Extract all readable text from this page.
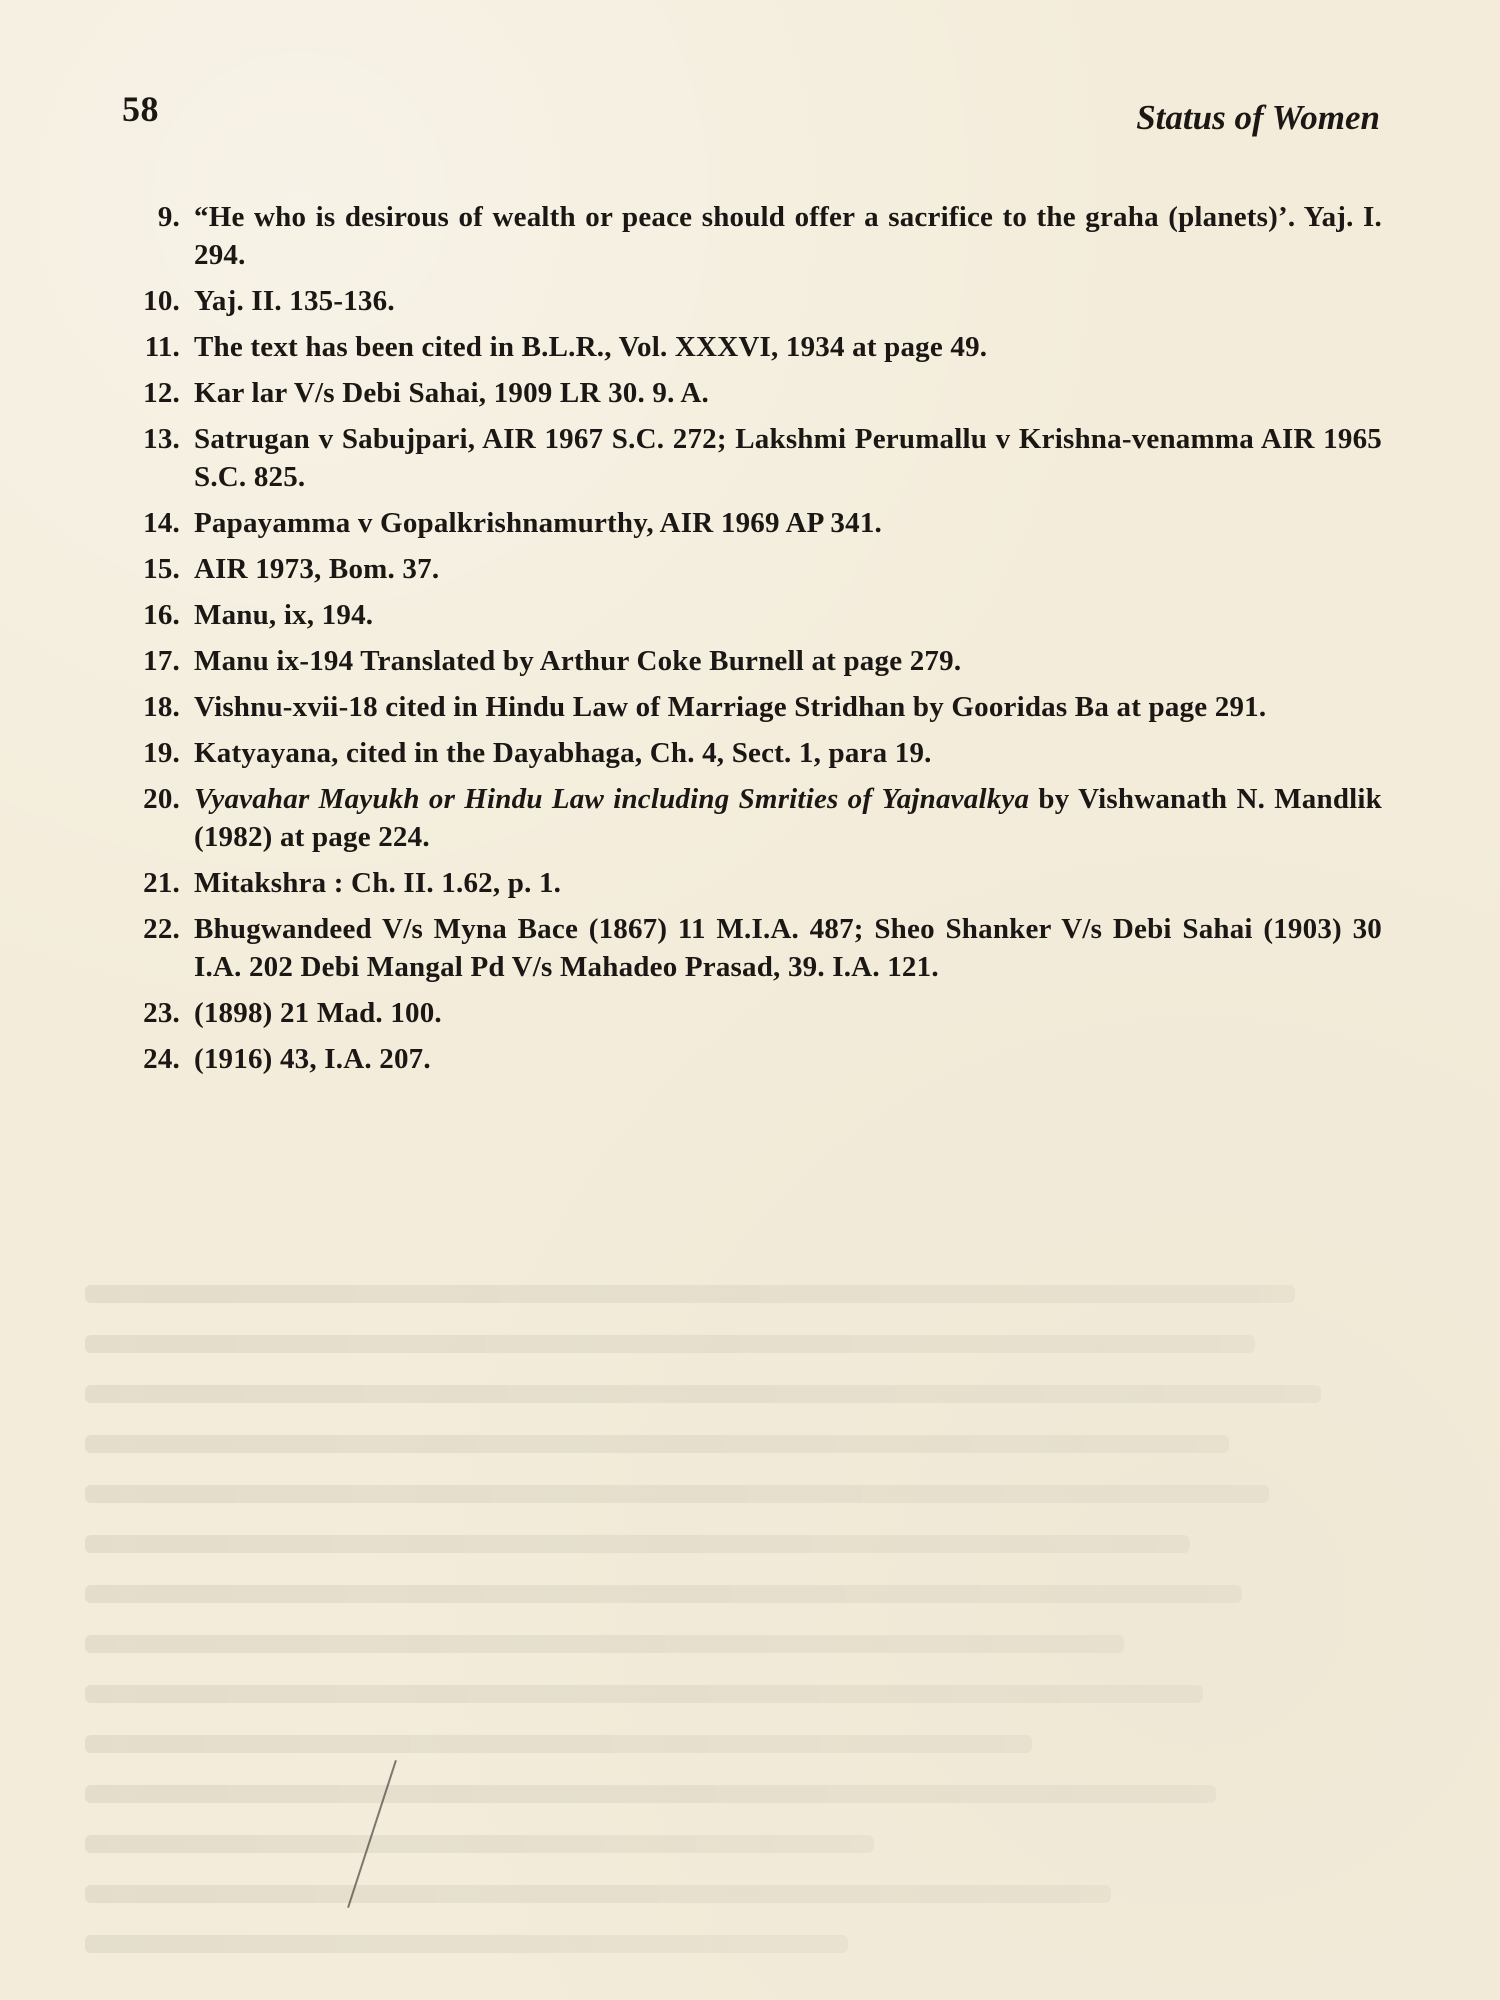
58	Status of Women
9. “He who is desirous of wealth or peace should offer a sacrifice to the graha (planets)’. Yaj. I. 294.
10. Yaj. II. 135-136.
11. The text has been cited in B.L.R., Vol. XXXVI, 1934 at page 49.
12. Kar lar V/s Debi Sahai, 1909 LR 30. 9. A.
13. Satrugan v Sabujpari, AIR 1967 S.C. 272; Lakshmi Perumallu v Krishna-venamma AIR 1965 S.C. 825.
14. Papayamma v Gopalkrishnamurthy, AIR 1969 AP 341.
15. AIR 1973, Bom. 37.
16. Manu, ix, 194.
17. Manu ix-194 Translated by Arthur Coke Burnell at page 279.
18. Vishnu-xvii-18 cited in Hindu Law of Marriage Stridhan by Gooridas Ba at page 291.
19. Katyayana, cited in the Dayabhaga, Ch. 4, Sect. 1, para 19.
20. Vyavahar Mayukh or Hindu Law including Smrities of Yajnavalkya by Vishwanath N. Mandlik (1982) at page 224.
21. Mitakshra : Ch. II. 1.62, p. 1.
22. Bhugwandeed V/s Myna Bace (1867) 11 M.I.A. 487; Sheo Shanker V/s Debi Sahai (1903) 30 I.A. 202 Debi Mangal Pd V/s Mahadeo Prasad, 39. I.A. 121.
23. (1898) 21 Mad. 100.
24. (1916) 43, I.A. 207.
